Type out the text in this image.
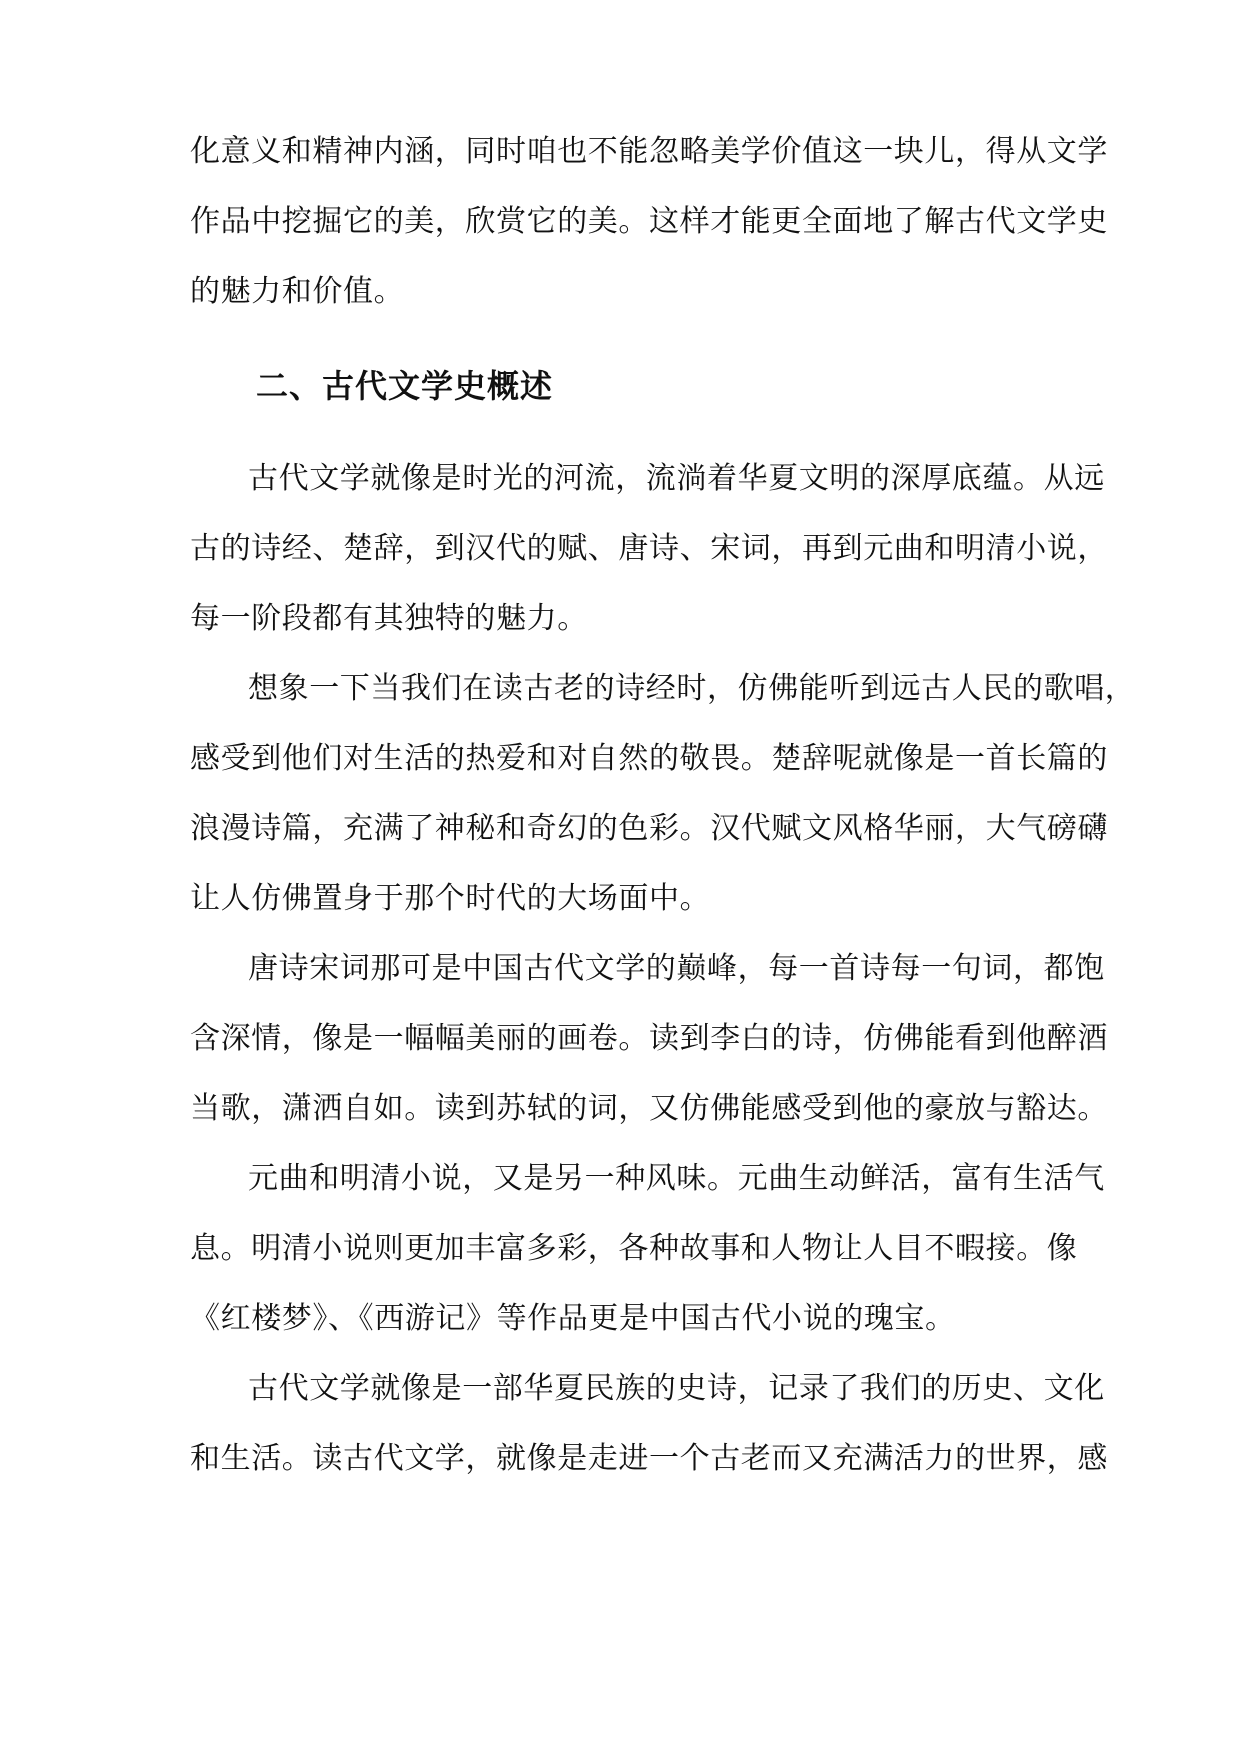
化意义和精神内涵，同时咱也不能忽略美学价值这一块儿，得从文学
作品中挖掘它的美，欣赏它的美。这样才能更全面地了解古代文学史
的魅力和价值。
二、古代文学史概述
古代文学就像是时光的河流，流淌着华夏文明的深厚底蕴。从远
古的诗经、楚辞，到汉代的赋、唐诗、宋词，再到元曲和明清小说，
每一阶段都有其独特的魅力。
想象一下当我们在读古老的诗经时，仿佛能听到远古人民的歌唱，
感受到他们对生活的热爱和对自然的敬畏。楚辞呢就像是一首长篇的
浪漫诗篇，充满了神秘和奇幻的色彩。汉代赋文风格华丽，大气磅礴
让人仿佛置身于那个时代的大场面中。
唐诗宋词那可是中国古代文学的巅峰，每一首诗每一句词，都饱
含深情，像是一幅幅美丽的画卷。读到李白的诗，仿佛能看到他醉酒
当歌，潇洒自如。读到苏轼的词，又仿佛能感受到他的豪放与豁达。
元曲和明清小说，又是另一种风味。元曲生动鲜活，富有生活气
息。明清小说则更加丰富多彩，各种故事和人物让人目不暇接。像
《红楼梦》、《西游记》等作品更是中国古代小说的瑰宝。
古代文学就像是一部华夏民族的史诗，记录了我们的历史、文化
和生活。读古代文学，就像是走进一个古老而又充满活力的世界，感
